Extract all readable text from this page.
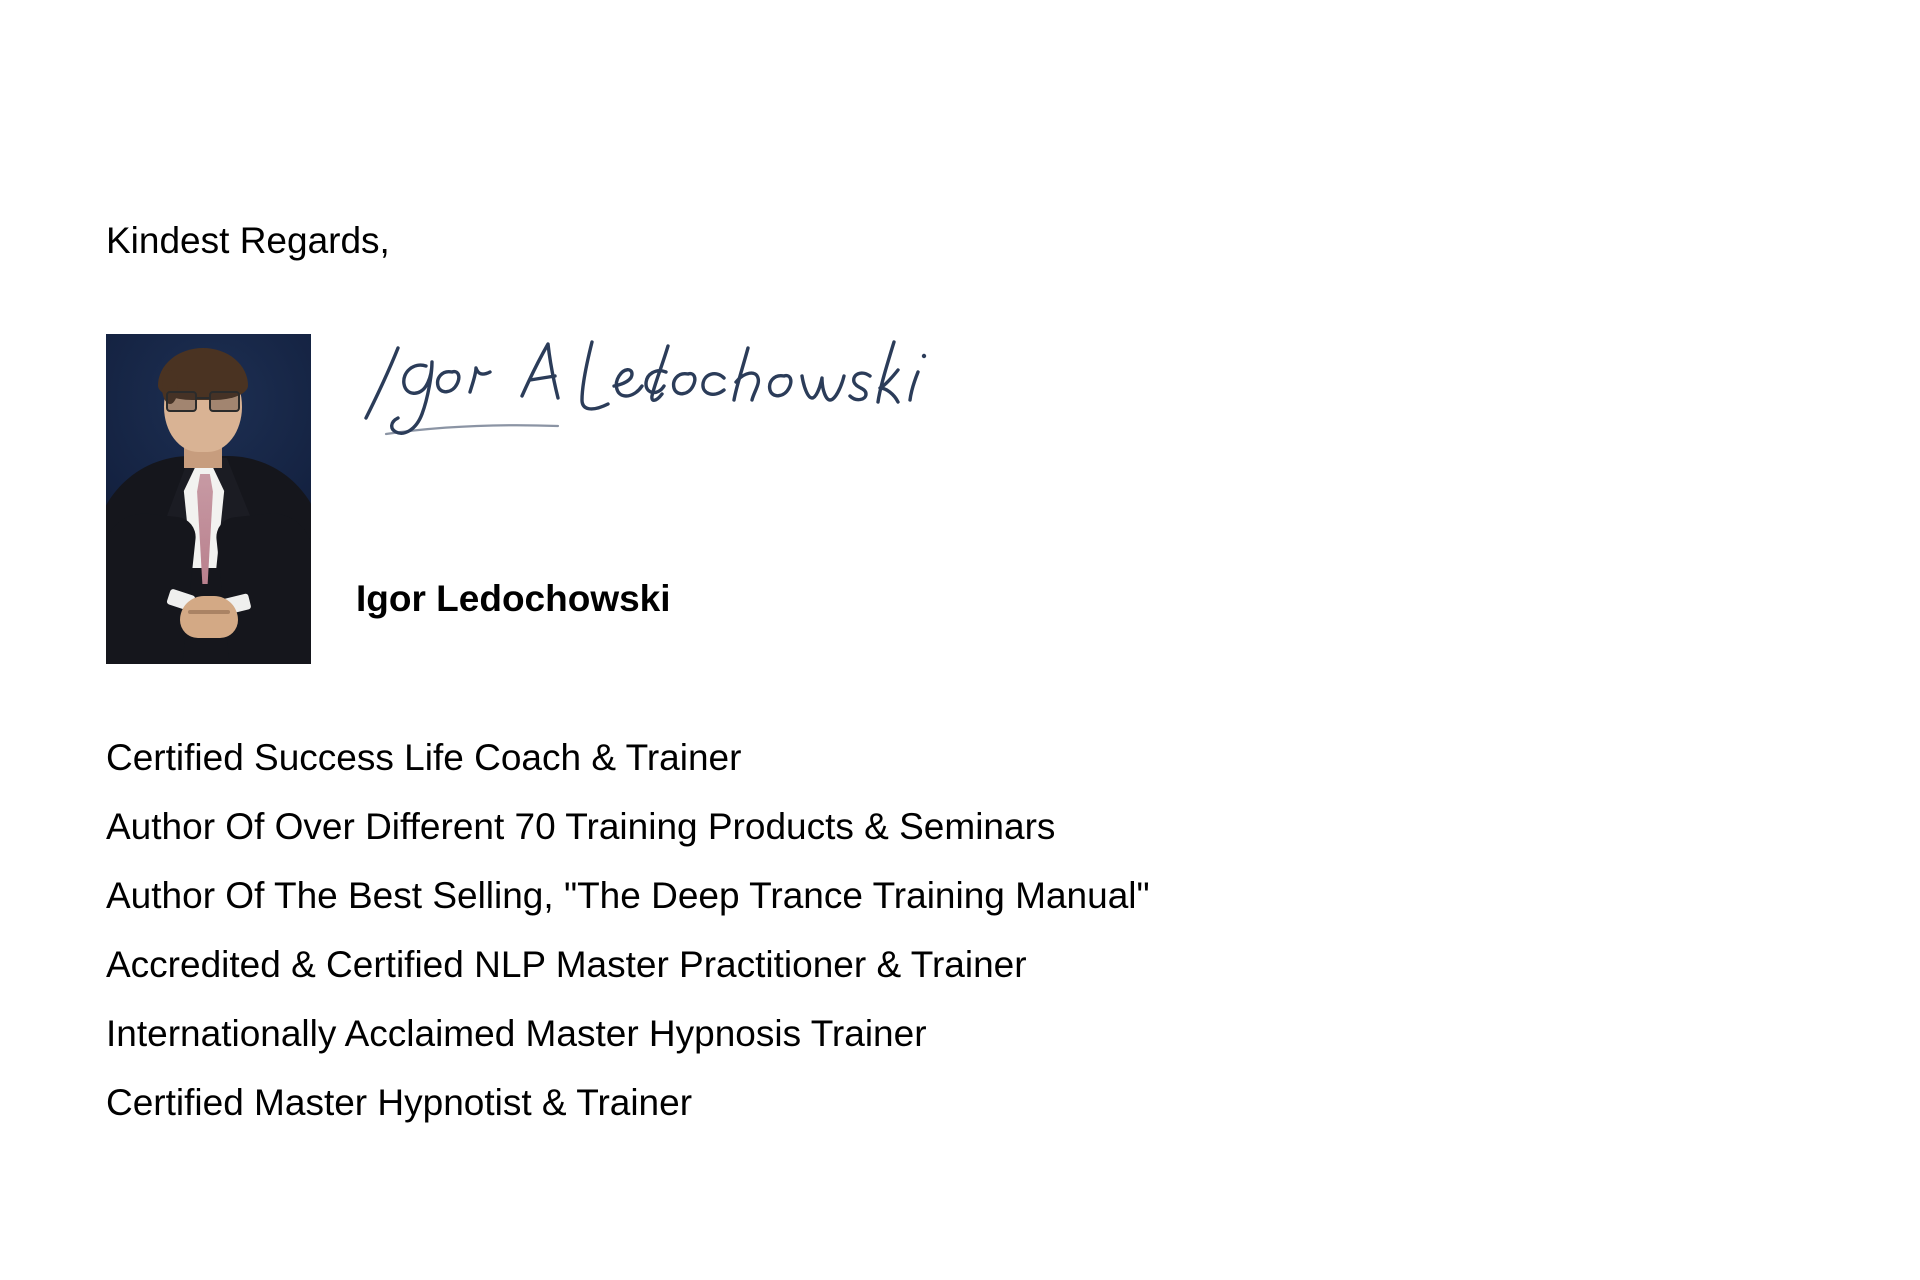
Kindest Regards,
Igor Ledochowski
Certified Success Life Coach & Trainer
Author Of Over Different 70 Training Products & Seminars
Author Of The Best Selling, "The Deep Trance Training Manual"
Accredited & Certified NLP Master Practitioner & Trainer
Internationally Acclaimed Master Hypnosis Trainer
Certified Master Hypnotist & Trainer
